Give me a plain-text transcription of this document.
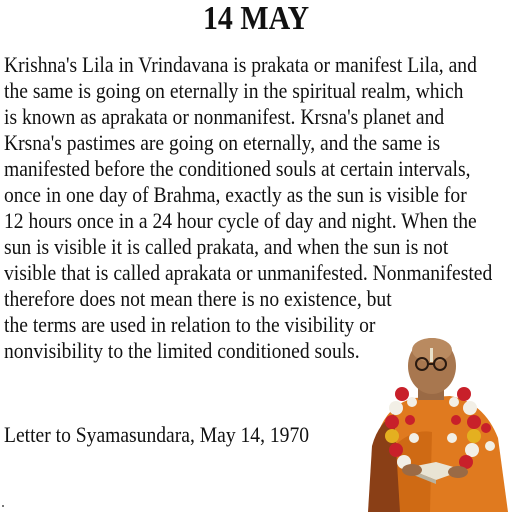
14 MAY
Krishna's Lila in Vrindavana is prakata or manifest Lila, and
the same is going on eternally in the spiritual realm, which
is known as aprakata or nonmanifest. Krsna's planet and
Krsna's pastimes are going on eternally, and the same is
manifested before the conditioned souls at certain intervals,
once in one day of Brahma, exactly as the sun is visible for
12 hours once in a 24 hour cycle of day and night. When the
sun is visible it is called prakata, and when the sun is not
visible that is called aprakata or unmanifested. Nonmanifested
therefore does not mean there is no existence, but
the terms are used in relation to the visibility or
nonvisibility to the limited conditioned souls.
Letter to Syamasundara, May 14, 1970
